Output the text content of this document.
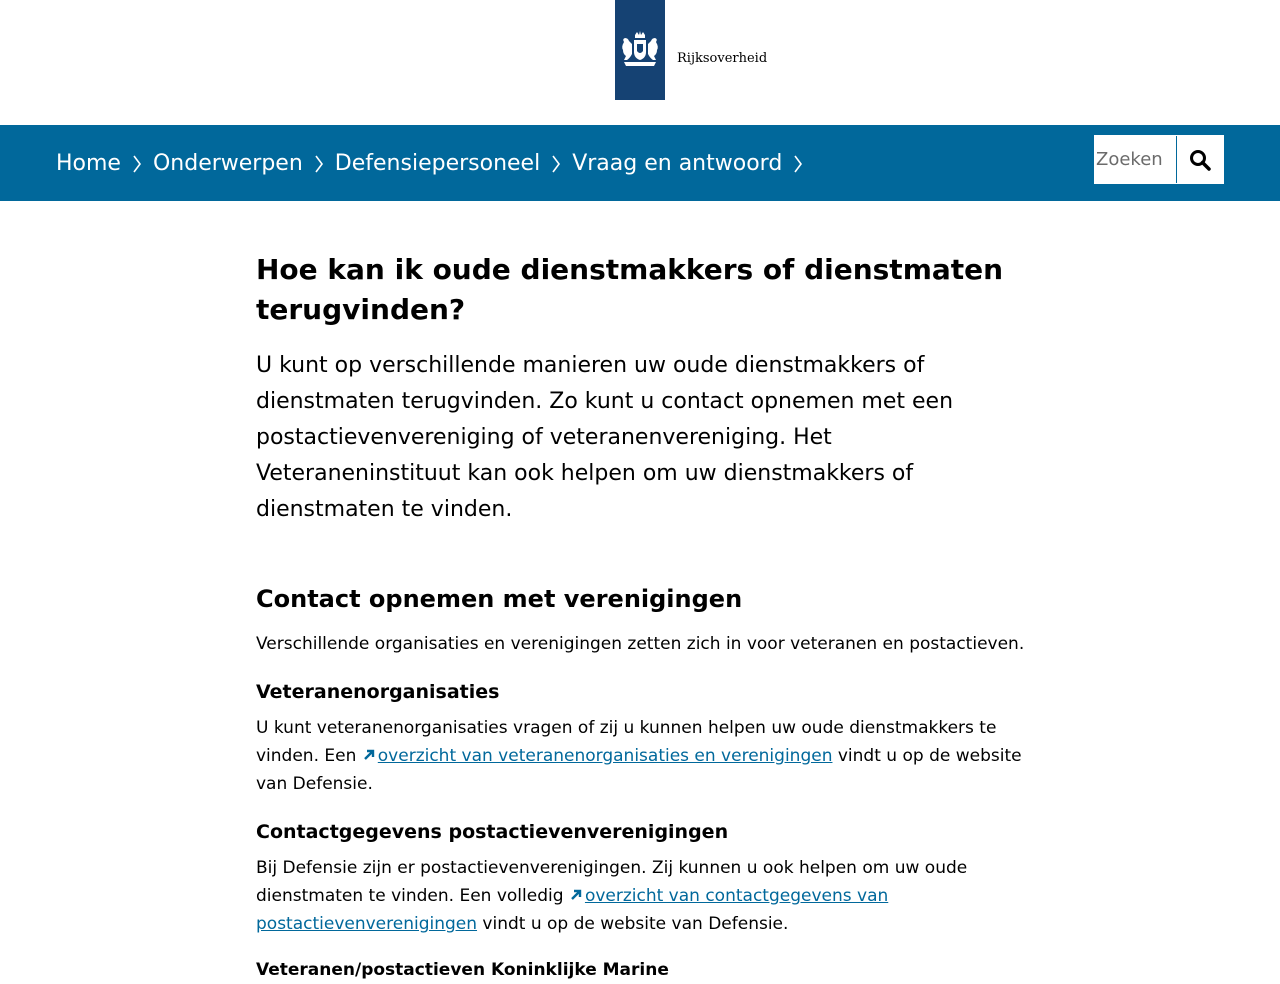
Rijksoverheid
Home Onderwerpen Defensiepersoneel Vraag en antwoord
Zoeken
Hoe kan ik oude dienstmakkers of dienstmaten terugvinden?

U kunt op verschillende manieren uw oude dienstmakkers of dienstmaten terugvinden. Zo kunt u contact opnemen met een postactievenvereniging of veteranenvereniging. Het Veteraneninstituut kan ook helpen om uw dienstmakkers of dienstmaten te vinden.

Contact opnemen met verenigingen

Verschillende organisaties en verenigingen zetten zich in voor veteranen en postactieven.

Veteranenorganisaties

U kunt veteranenorganisaties vragen of zij u kunnen helpen uw oude dienstmakkers te vinden. Een overzicht van veteranenorganisaties en verenigingen vindt u op de website van Defensie.

Contactgegevens postactievenverenigingen

Bij Defensie zijn er postactievenverenigingen. Zij kunnen u ook helpen om uw oude dienstmaten te vinden. Een volledig overzicht van contactgegevens van postactievenverenigingen vindt u op de website van Defensie.

Veteranen/postactieven Koninklijke Marine
